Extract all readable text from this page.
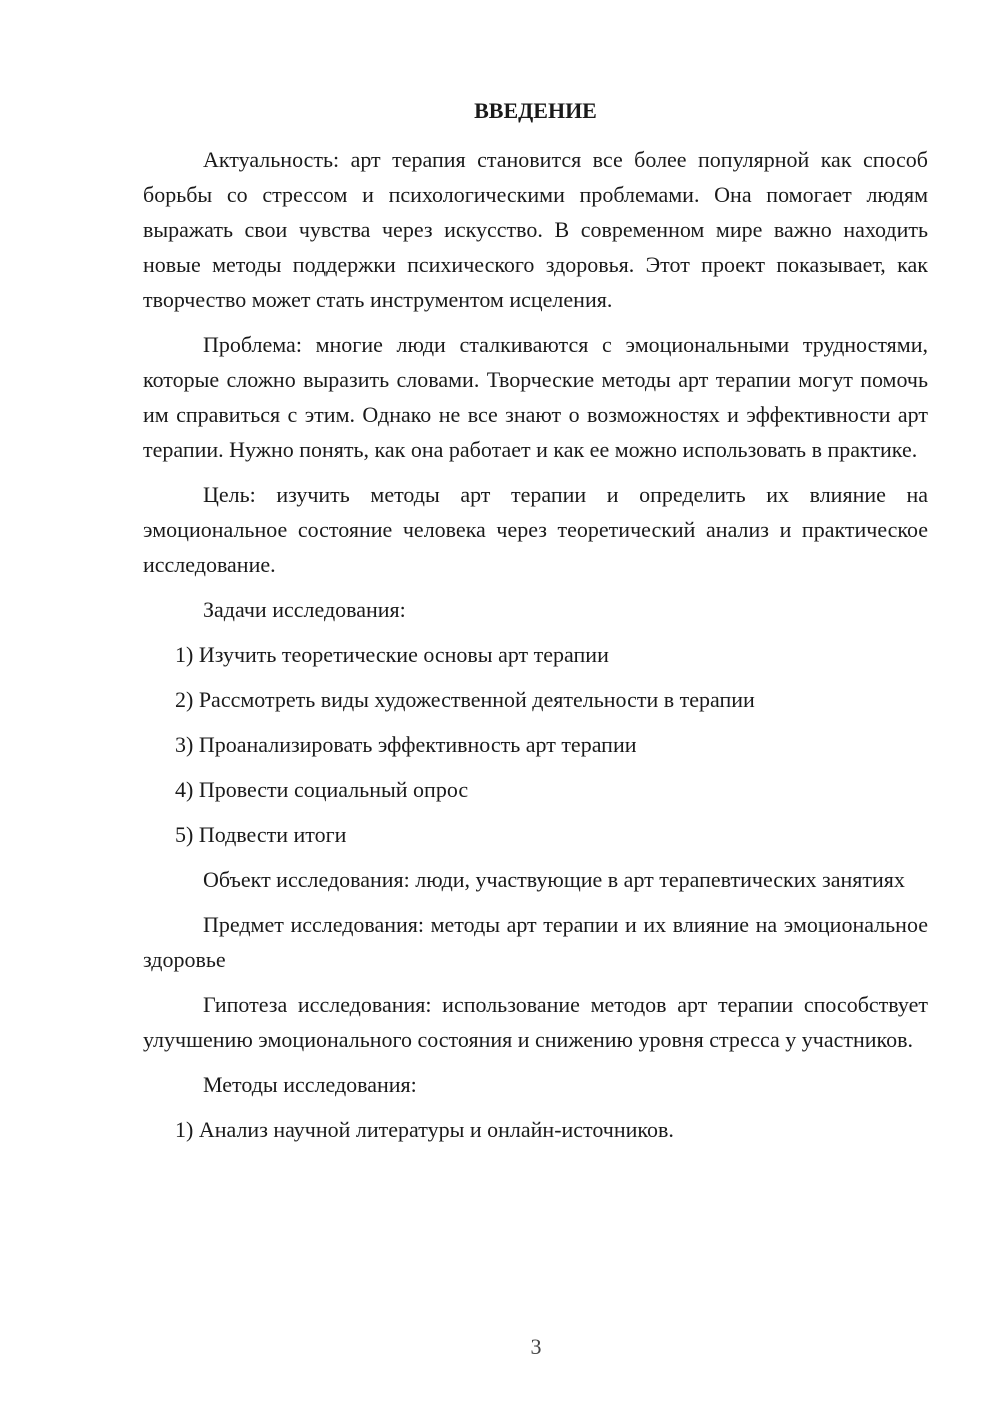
ВВЕДЕНИЕ
Актуальность: арт терапия становится все более популярной как способ борьбы со стрессом и психологическими проблемами. Она помогает людям выражать свои чувства через искусство. В современном мире важно находить новые методы поддержки психического здоровья. Этот проект показывает, как творчество может стать инструментом исцеления.
Проблема: многие люди сталкиваются с эмоциональными трудностями, которые сложно выразить словами. Творческие методы арт терапии могут помочь им справиться с этим. Однако не все знают о возможностях и эффективности арт терапии. Нужно понять, как она работает и как ее можно использовать в практике.
Цель: изучить методы арт терапии и определить их влияние на эмоциональное состояние человека через теоретический анализ и практическое исследование.
Задачи исследования:
1) Изучить теоретические основы арт терапии
2) Рассмотреть виды художественной деятельности в терапии
3) Проанализировать эффективность арт терапии
4) Провести социальный опрос
5) Подвести итоги
Объект исследования: люди, участвующие в арт терапевтических занятиях
Предмет исследования: методы арт терапии и их влияние на эмоциональное здоровье
Гипотеза исследования: использование методов арт терапии способствует улучшению эмоционального состояния и снижению уровня стресса у участников.
Методы исследования:
1) Анализ научной литературы и онлайн-источников.
3
